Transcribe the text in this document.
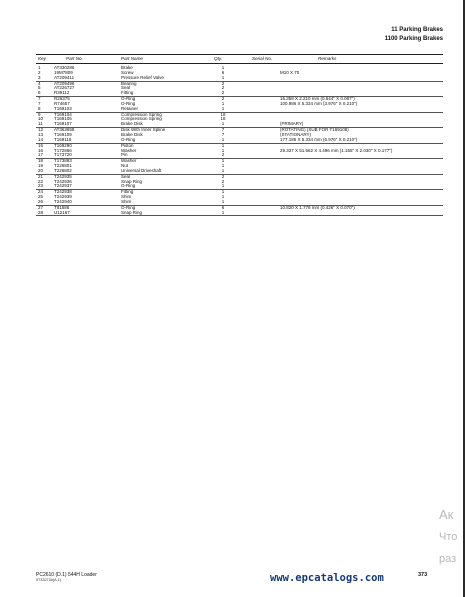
11 Parking Brakes
1100 Parking Brakes
Key	Part No.	Part Name	Qty.	Serial No.	Remarks
1	AT330286	Brake	1
2	19M7809	Screw	6	M10 X 70
3	AT209411	Pressure Relief Valve	1
4	AT209496	Bearing	2
5	AT226727	Seal	2
6	R39112	Fitting	2
7	R26375	O-Ring	2	16.358 X 2.210 mm (0.644" X 0.087")
7	R74657	O-Ring	1	100.986 X 5.334 mm (3.976" X 0.210")
8	T169103	Retainer	1
9	T169104	Compression Spring	18
10 T169105	Compression Spring	18
11	T169107	Brake Disk	1	(PRIMARY)
12 AT363658	Disk With Inner Spline	7	(ROTATING) (SUB FOR T169108)
13 T169109	Brake Disk	7	(STATIONARY)
14 T169116	O-Ring	1	177.185 X 5.334 mm (6.976" X 0.210")
15 T169290	Piston	1
16 T172866	Washer	1	29.337 X 51.562 X 4.496 mm (1.155" X 2.030" X 0.177")
17 T173720	Pin	2
18 T173893	Washer	1
19 T226801	Nut	1
20 T226802	Universal Driveshaft	1
21 T242935	Seal	2
22 T242936	Snap Ring	2
23 T242937	O-Ring	1
24 T242938	Fitting	1
25 T242939	Shim	1
26 T242940	Shim	1
27 T81686	O-Ring	6	10.820 X 1.778 mm (0.426" X 0.070")
28 U12167	Snap Ring	1
PC2610 (D.1) 544H Loader
9733273#(A.1)	www.epcatalogs.com	373
Ак
Что
раз
